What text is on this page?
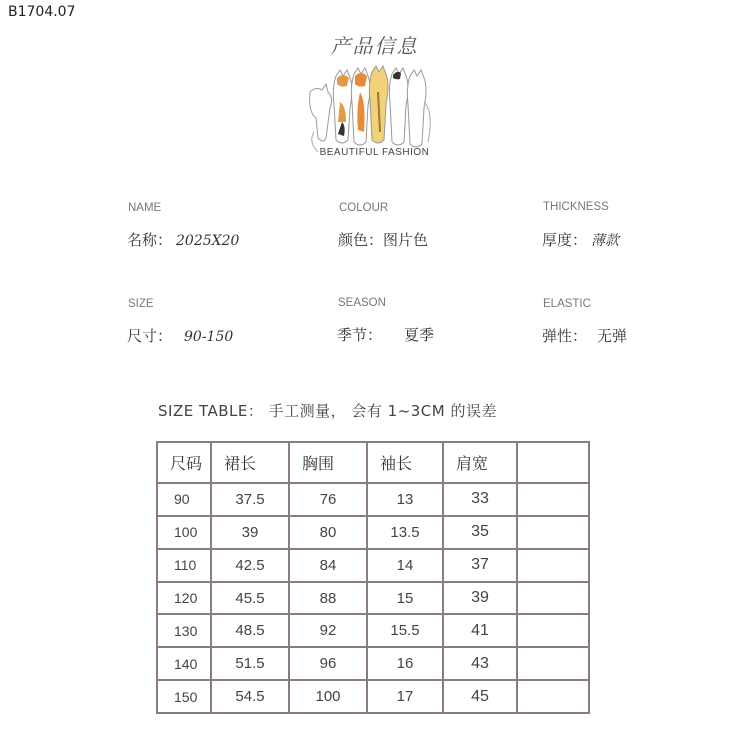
B1704.07
产品信息
BEAUTIFUL FASHION
NAME
名称： 2025X20
COLOUR
颜色：图片色
THICKNESS
厚度： 薄款
SIZE
尺寸： 90-150
SEASON
季节： 夏季
ELASTIC
弹性： 无弹
SIZE TABLE： 手工测量， 会有 1~3CM 的误差
尺码	裙长	胸围	袖长	肩宽	
90	37.5	76	13	33	
100	39	80	13.5	35	
110	42.5	84	14	37	
120	45.5	88	15	39	
130	48.5	92	15.5	41	
140	51.5	96	16	43	
150	54.5	100	17	45	
